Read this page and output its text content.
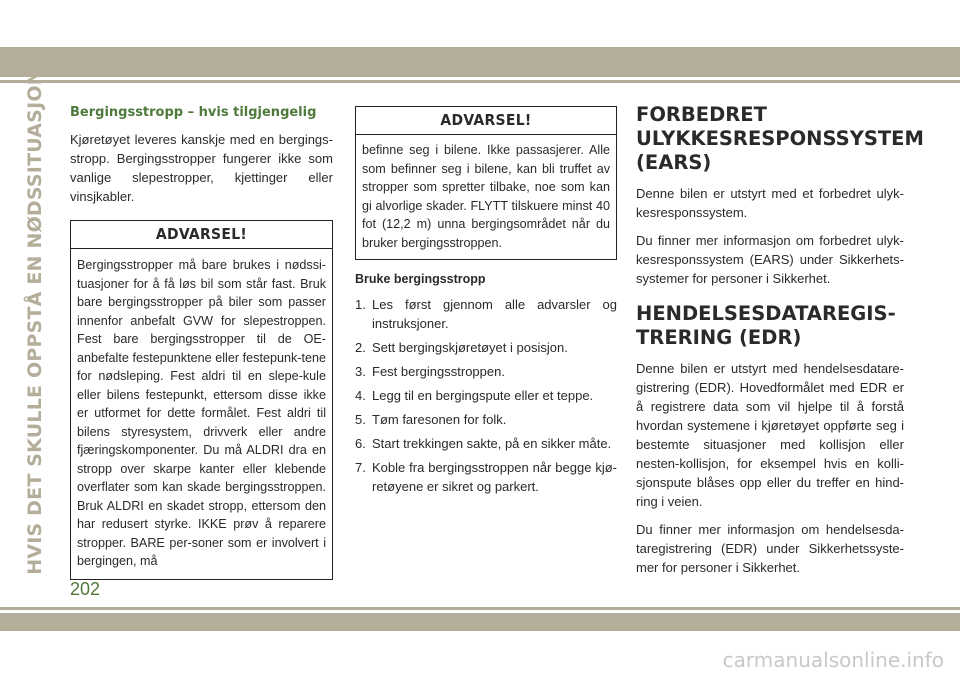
HVIS DET SKULLE OPPSTÅ EN NØDSSITUASJON Bergingsstropp – hvis tilgjengelig

Kjøretøyet leveres kanskje med en bergings-stropp. Bergingsstropper fungerer ikke som vanlige slepestropper, kjettinger eller vinsjkabler.

ADVARSEL!
Bergingsstropper må bare brukes i nødssi-tuasjoner for å få løs bil som står fast. Bruk bare bergingsstropper på biler som passer innenfor anbefalt GVW for slepestroppen. Fest bare bergingsstropper til de OE-anbefalte festepunktene eller festepunk-tene for nødsleping. Fest aldri til en slepe-kule eller bilens festepunkt, ettersom disse ikke er utformet for dette formålet. Fest aldri til bilens styresystem, drivverk eller andre fjæringskomponenter. Du må ALDRI dra en stropp over skarpe kanter eller klebende overflater som kan skade bergingsstroppen. Bruk ALDRI en skadet stropp, ettersom den har redusert styrke. IKKE prøv å reparere stropper. BARE per-soner som er involvert i bergingen, må
ADVARSEL!
befinne seg i bilene. Ikke passasjerer. Alle som befinner seg i bilene, kan bli truffet av stropper som spretter tilbake, noe som kan gi alvorlige skader. FLYTT tilskuere minst 40 fot (12,2 m) unna bergingsområdet når du bruker bergingsstroppen.
Bruke bergingsstropp
1. Les først gjennom alle advarsler og instruksjoner.
2. Sett bergingskjøretøyet i posisjon.
3. Fest bergingsstroppen.
4. Legg til en bergingspute eller et teppe.
5. Tøm faresonen for folk.
6. Start trekkingen sakte, på en sikker måte.
7. Koble fra bergingsstroppen når begge kjø-retøyene er sikret og parkert.
FORBEDRET ULYKKESRESPONSSYSTEM (EARS)

Denne bilen er utstyrt med et forbedret ulyk-kesresponssystem.

Du finner mer informasjon om forbedret ulyk-kesresponssystem (EARS) under Sikkerhets-systemer for personer i Sikkerhet.

HENDELSESDATAREGIS-TRERING (EDR)

Denne bilen er utstyrt med hendelsesdatare-gistrering (EDR). Hovedformålet med EDR er å registrere data som vil hjelpe til å forstå hvordan systemene i kjøretøyet oppførte seg i bestemte situasjoner med kollisjon eller nesten-kollisjon, for eksempel hvis en kolli-sjonspute blåses opp eller du treffer en hind-ring i veien.

Du finner mer informasjon om hendelsesda-taregistrering (EDR) under Sikkerhetssyste-mer for personer i Sikkerhet.

202
carmanualsonline.info
